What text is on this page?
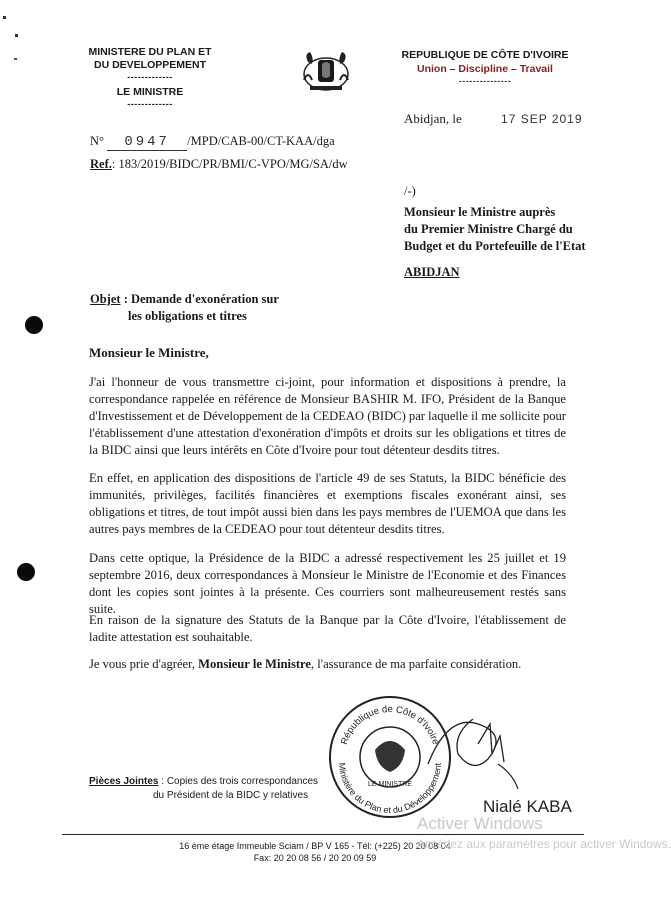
MINISTERE DU PLAN ET
DU DEVELOPPEMENT
-------------
LE MINISTRE
-------------
REPUBLIQUE DE CÔTE D'IVOIRE
Union – Discipline – Travail
---------------
Abidjan, le	17 SEP 2019
N° 0947 /MPD/CAB-00/CT-KAA/dga
Ref.: 183/2019/BIDC/PR/BMI/C-VPO/MG/SA/dw
/-)
Monsieur le Ministre auprès
du Premier Ministre Chargé du
Budget et du Portefeuille de l'Etat
ABIDJAN
Objet : Demande d'exonération sur
les obligations et titres
Monsieur le Ministre,
J'ai l'honneur de vous transmettre ci-joint, pour information et dispositions à prendre, la correspondance rappelée en référence de Monsieur BASHIR M. IFO, Président de la Banque d'Investissement et de Développement de la CEDEAO (BIDC) par laquelle il me sollicite pour l'établissement d'une attestation d'exonération d'impôts et droits sur les obligations et titres de la BIDC ainsi que leurs intérêts en Côte d'Ivoire pour tout détenteur desdits titres.
En effet, en application des dispositions de l'article 49 de ses Statuts, la BIDC bénéficie des immunités, privilèges, facilités financières et exemptions fiscales exonérant ainsi, ses obligations et titres, de tout impôt aussi bien dans les pays membres de l'UEMOA que dans les autres pays membres de la CEDEAO pour tout détenteur desdits titres.
Dans cette optique, la Présidence de la BIDC a adressé respectivement les 25 juillet et 19 septembre 2016, deux correspondances à Monsieur le Ministre de l'Economie et des Finances dont les copies sont jointes à la présente. Ces courriers sont malheureusement restés sans suite.
En raison de la signature des Statuts de la Banque par la Côte d'Ivoire, l'établissement de ladite attestation est souhaitable.
Je vous prie d'agréer, Monsieur le Ministre, l'assurance de ma parfaite considération.
République de Côte d'Ivoire
Ministère du Plan et du Développement
LE MINISTRE
Pièces Jointes : Copies des trois correspondances
du Président de la BIDC y relatives
Nialé KABA
16 ème étage Immeuble Sciam / BP V 165 - Tél: (+225) 20 20 08 04
Fax: 20 20 08 56 / 20 20 09 59
Activer Windows
Accédez aux paramètres pour activer Windows.
